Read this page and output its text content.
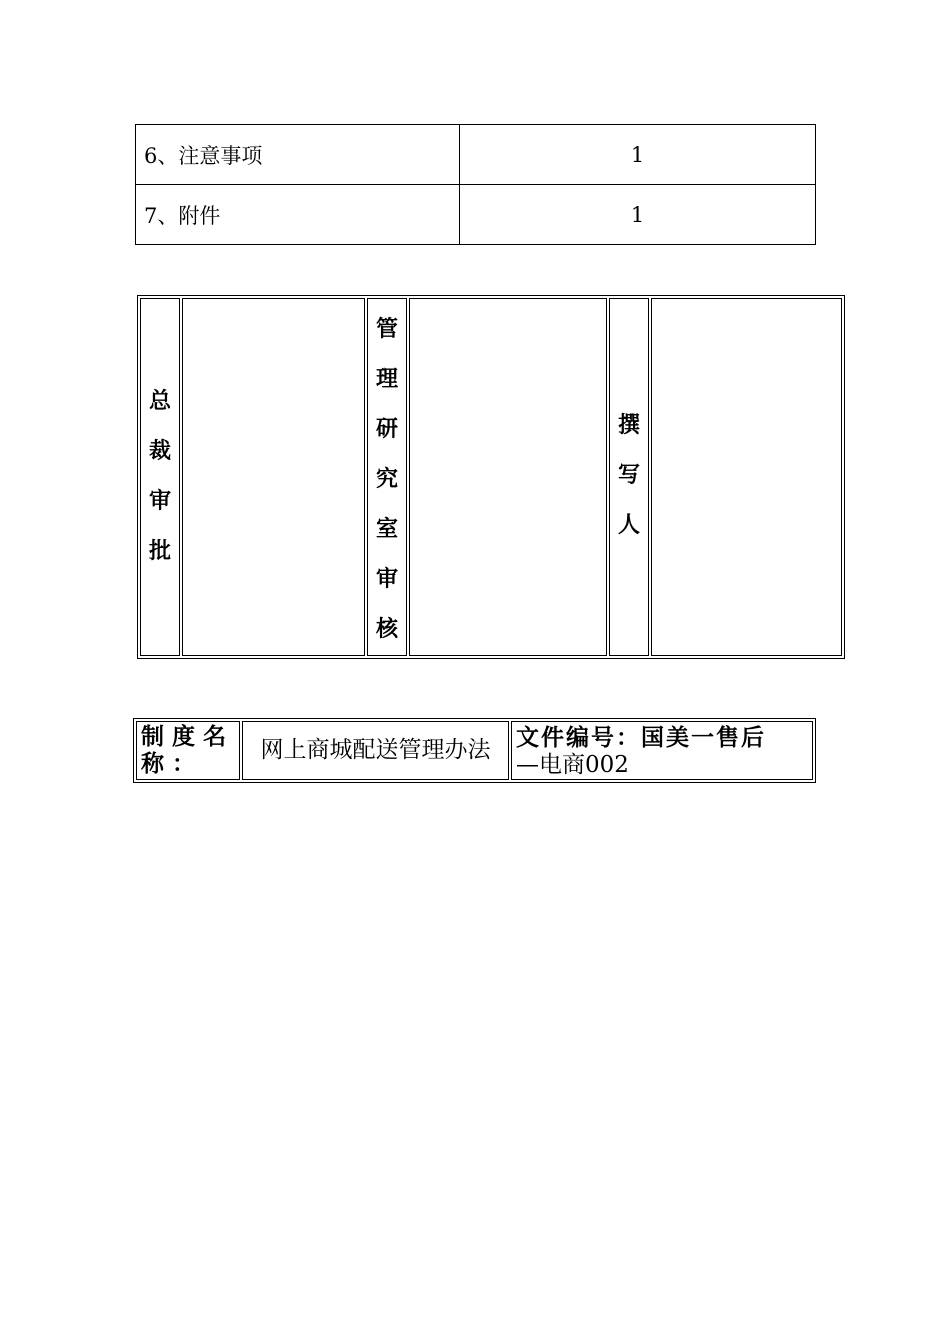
6、注意事项	1
7、附件	1
总裁审批		管理研究室审核		撰写人	
制度名称：	网上商城配送管理办法	文件编号：国美一售后
—电商002
